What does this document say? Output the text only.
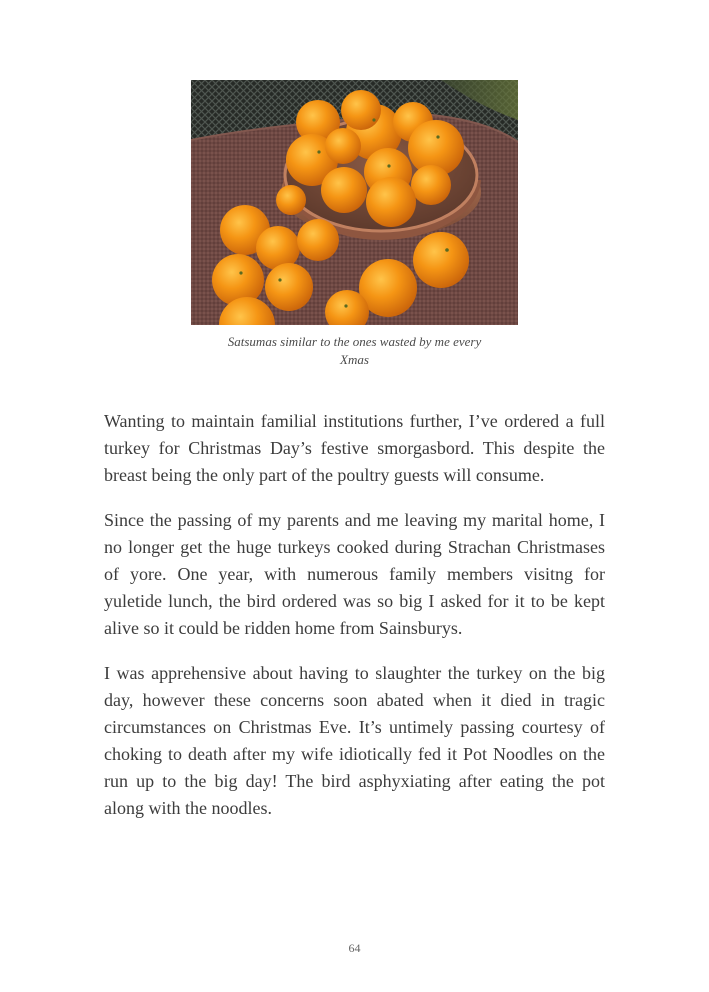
Satsumas similar to the ones wasted by me every
Xmas

Wanting to maintain familial institutions further, I’ve ordered a full turkey for Christmas Day’s festive smorgasbord. This despite the breast being the only part of the poultry guests will consume.

Since the passing of my parents and me leaving my marital home, I no longer get the huge turkeys cooked during Strachan Christmases of yore. One year, with numerous family members visitng for yuletide lunch, the bird ordered was so big I asked for it to be kept alive so it could be ridden home from Sainsburys.

I was apprehensive about having to slaughter the turkey on the big day, however these concerns soon abated when it died in tragic circumstances on Christmas Eve. It’s untimely passing courtesy of choking to death after my wife idiotically fed it Pot Noodles on the run up to the big day! The bird asphyxiating after eating the pot along with the noodles.

64
